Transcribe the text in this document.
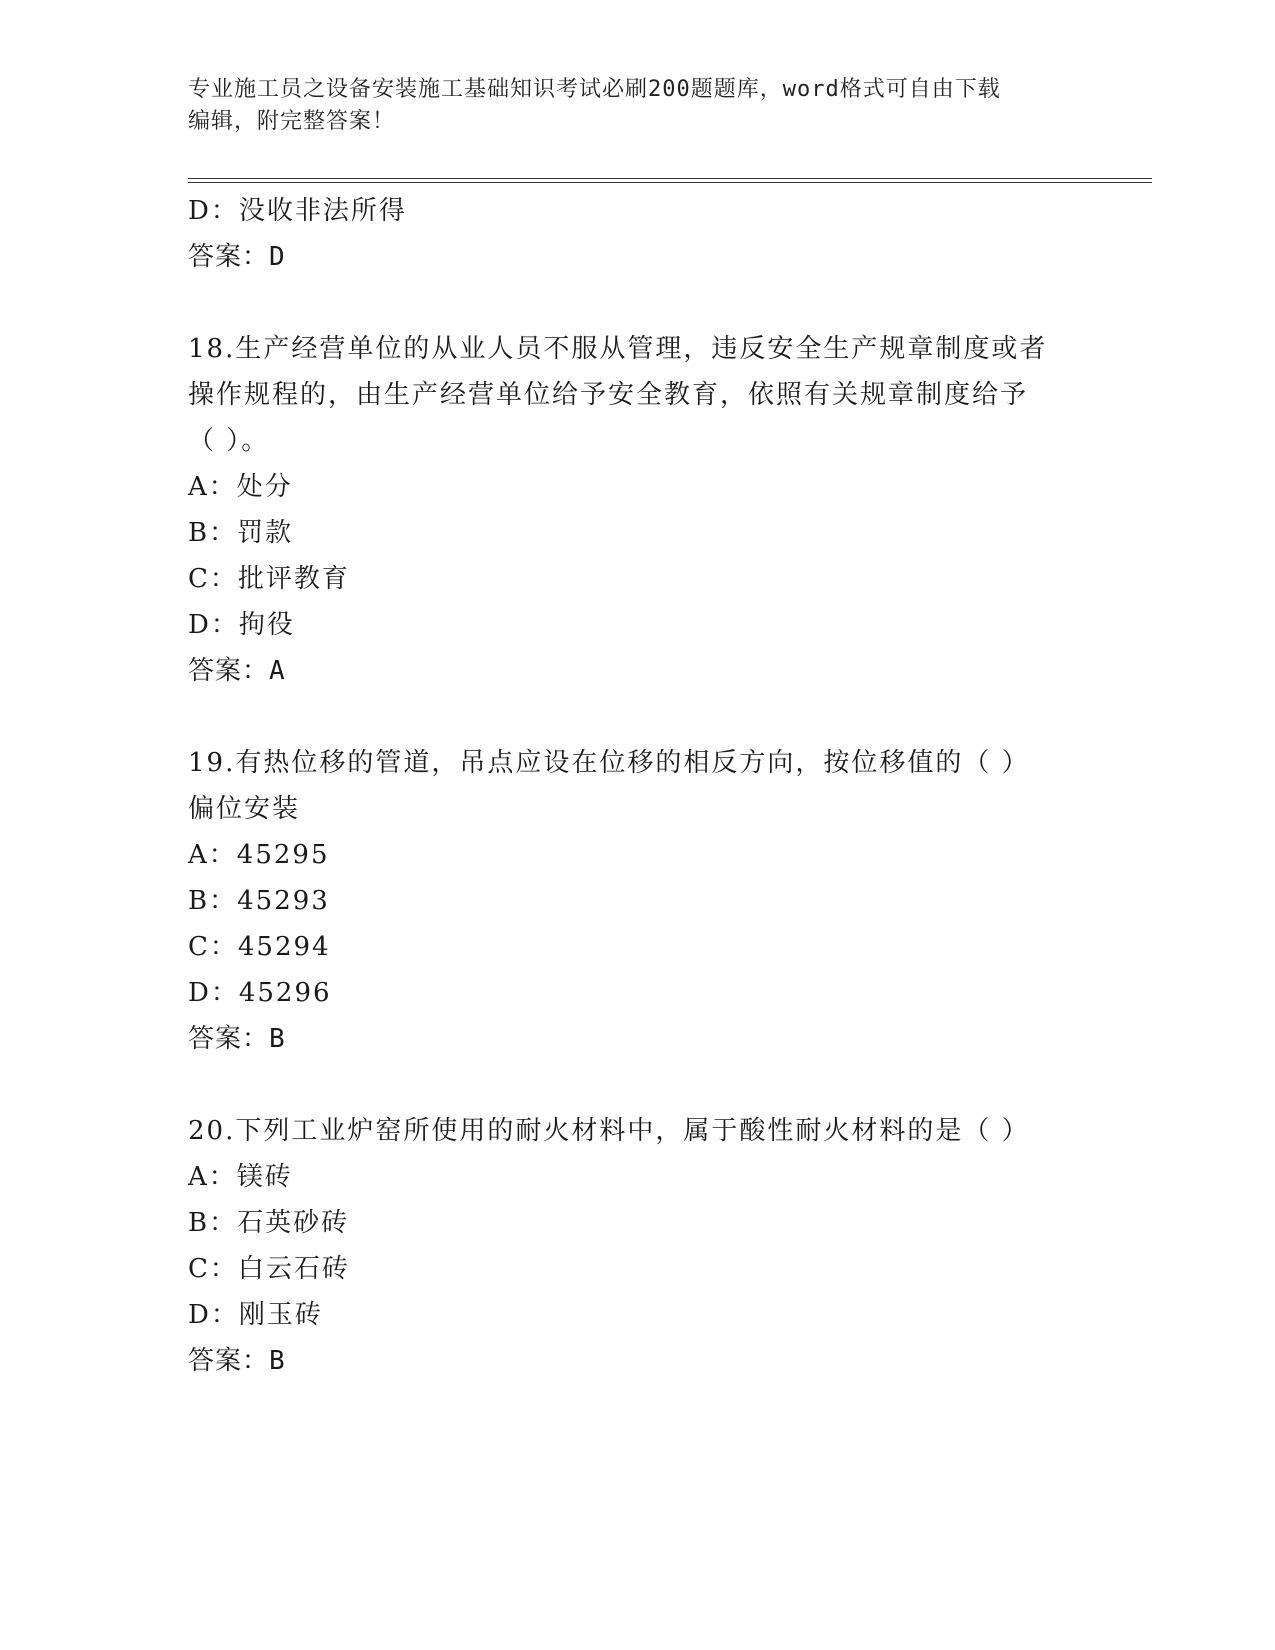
专业施工员之设备安装施工基础知识考试必刷200题题库，word格式可自由下载
编辑，附完整答案！
D：没收非法所得
答案：D
18.生产经营单位的从业人员不服从管理，违反安全生产规章制度或者
操作规程的，由生产经营单位给予安全教育，依照有关规章制度给予
（ ）。
A：处分
B：罚款
C：批评教育
D：拘役
答案：A
19.有热位移的管道，吊点应设在位移的相反方向，按位移值的（ ）
偏位安装
A：45295
B：45293
C：45294
D：45296
答案：B
20.下列工业炉窑所使用的耐火材料中，属于酸性耐火材料的是（ ）
A：镁砖
B：石英砂砖
C：白云石砖
D：刚玉砖
答案：B
